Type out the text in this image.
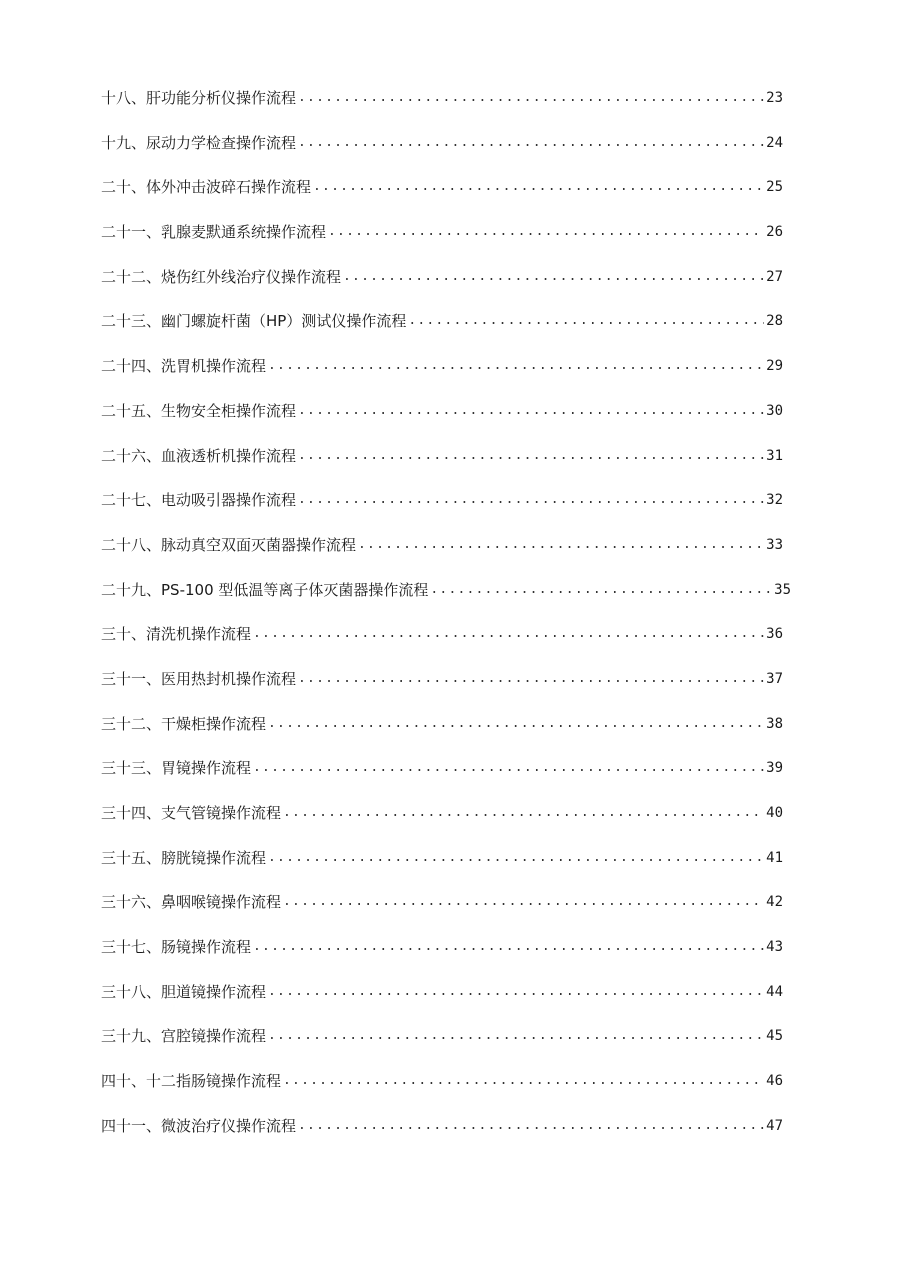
十八、肝功能分析仪操作流程 .....	23
十九、尿动力学检查操作流程 .....	24
二十、体外冲击波碎石操作流程 .....	25
二十一、乳腺麦默通系统操作流程 .....	26
二十二、烧伤红外线治疗仪操作流程 .....	27
二十三、幽门螺旋杆菌（HP）测试仪操作流程 .....	28
二十四、洗胃机操作流程 .....	29
二十五、生物安全柜操作流程 .....	30
二十六、血液透析机操作流程 .....	31
二十七、电动吸引器操作流程 .....	32
二十八、脉动真空双面灭菌器操作流程 .....	33
二十九、PS-100 型低温等离子体灭菌器操作流程 .....	35
三十、清洗机操作流程 .....	36
三十一、医用热封机操作流程 .....	37
三十二、干燥柜操作流程 .....	38
三十三、胃镜操作流程 .....	39
三十四、支气管镜操作流程 .....	40
三十五、膀胱镜操作流程 .....	41
三十六、鼻咽喉镜操作流程 .....	42
三十七、肠镜操作流程 .....	43
三十八、胆道镜操作流程 .....	44
三十九、宫腔镜操作流程 .....	45
四十、十二指肠镜操作流程 .....	46
四十一、微波治疗仪操作流程 .....	47
